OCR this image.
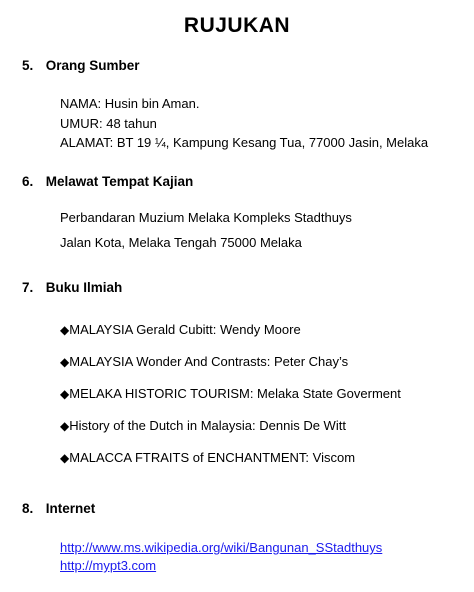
RUJUKAN
5. Orang Sumber
NAMA: Husin bin Aman.
UMUR: 48 tahun
ALAMAT: BT 19 ¼, Kampung Kesang Tua, 77000 Jasin, Melaka
6. Melawat Tempat Kajian
Perbandaran Muzium Melaka Kompleks Stadthuys
Jalan Kota, Melaka Tengah 75000 Melaka
7. Buku Ilmiah
◆MALAYSIA Gerald Cubitt: Wendy Moore
◆MALAYSIA Wonder And Contrasts: Peter Chay’s
◆MELAKA HISTORIC TOURISM: Melaka State Goverment
◆History of the Dutch in Malaysia: Dennis De Witt
◆MALACCA FTRAITS of ENCHANTMENT: Viscom
8. Internet
http://www.ms.wikipedia.org/wiki/Bangunan_SStadthuys
http://mypt3.com
